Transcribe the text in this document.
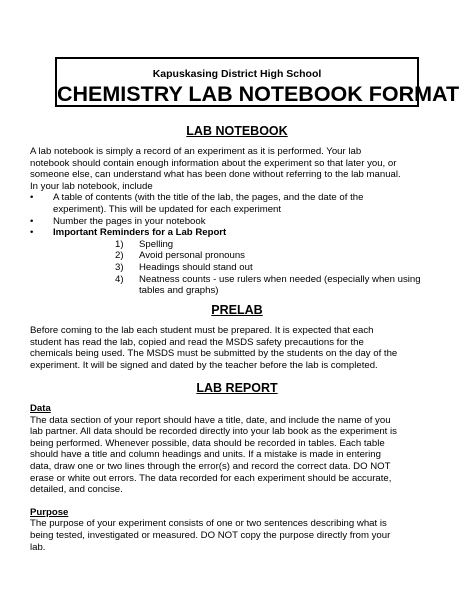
Kapuskasing District High School
CHEMISTRY LAB NOTEBOOK FORMAT
LAB NOTEBOOK
A lab notebook is simply a record of an experiment as it is performed. Your lab
notebook should contain enough information about the experiment so that later you, or
someone else, can understand what has been done without referring to the lab manual.
In your lab notebook, include
• A table of contents (with the title of the lab, the pages, and the date of the
experiment). This will be updated for each experiment
• Number the pages in your notebook
• Important Reminders for a Lab Report
1) Spelling
2) Avoid personal pronouns
3) Headings should stand out
4) Neatness counts - use rulers when needed (especially when using
tables and graphs)
PRELAB
Before coming to the lab each student must be prepared. It is expected that each
student has read the lab, copied and read the MSDS safety precautions for the
chemicals being used. The MSDS must be submitted by the students on the day of the
experiment. It will be signed and dated by the teacher before the lab is completed.
LAB REPORT
Data
The data section of your report should have a title, date, and include the name of you
lab partner. All data should be recorded directly into your lab book as the experiment is
being performed. Whenever possible, data should be recorded in tables. Each table
should have a title and column headings and units. If a mistake is made in entering
data, draw one or two lines through the error(s) and record the correct data. DO NOT
erase or white out errors. The data recorded for each experiment should be accurate,
detailed, and concise.
Purpose
The purpose of your experiment consists of one or two sentences describing what is
being tested, investigated or measured. DO NOT copy the purpose directly from your
lab.
